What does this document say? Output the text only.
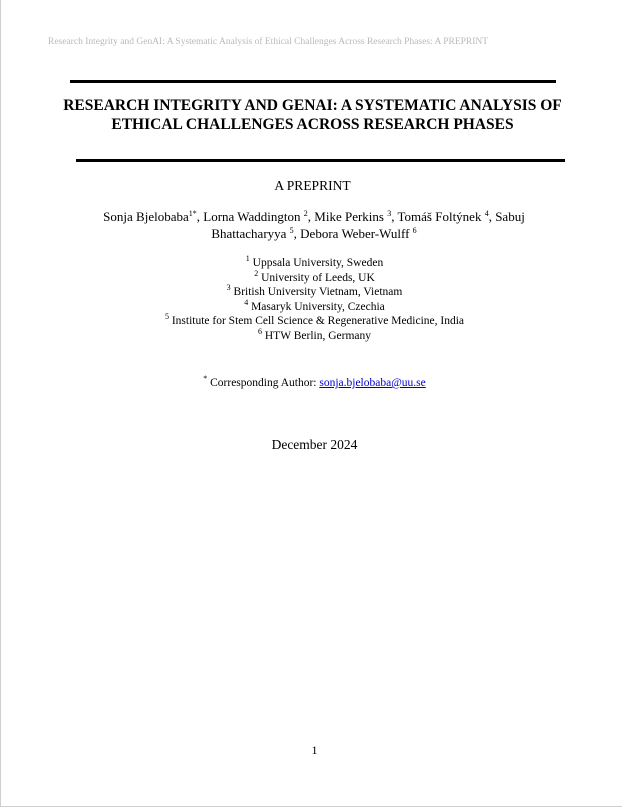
Research Integrity and GenAI: A Systematic Analysis of Ethical Challenges Across Research Phases: A PREPRINT
RESEARCH INTEGRITY AND GENAI: A SYSTEMATIC ANALYSIS OF ETHICAL CHALLENGES ACROSS RESEARCH PHASES
A PREPRINT
Sonja Bjelobaba$^{1*}$, Lorna Waddington $^2$, Mike Perkins $^3$, Tomáš Foltýnek $^4$, Sabuj Bhattacharyya $^5$, Debora Weber-Wulff $^6$
$^1$ Uppsala University, Sweden
$^2$ University of Leeds, UK
$^3$ British University Vietnam, Vietnam
$^4$ Masaryk University, Czechia
$^5$ Institute for Stem Cell Science & Regenerative Medicine, India
$^6$ HTW Berlin, Germany
* Corresponding Author: sonja.bjelobaba@uu.se
December 2024
1
